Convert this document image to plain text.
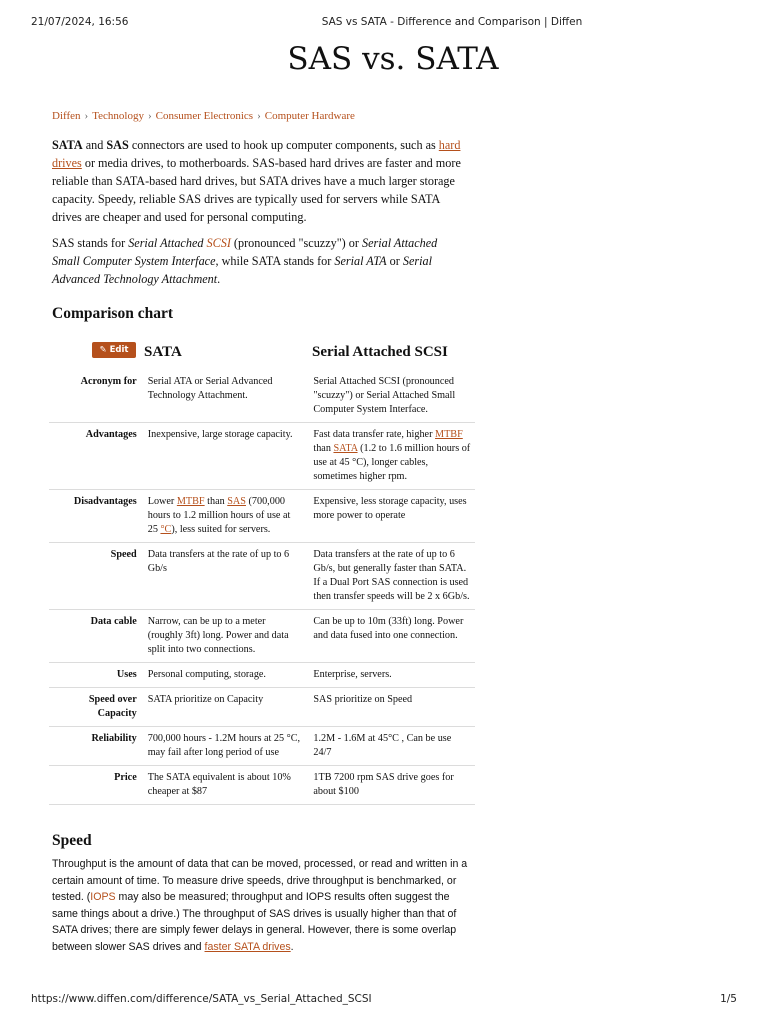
21/07/2024, 16:56	SAS vs SATA - Difference and Comparison | Diffen
SAS vs. SATA
Diffen › Technology › Consumer Electronics › Computer Hardware

SATA and SAS connectors are used to hook up computer components, such as hard drives or media drives, to motherboards. SAS-based hard drives are faster and more reliable than SATA-based hard drives, but SATA drives have a much larger storage capacity. Speedy, reliable SAS drives are typically used for servers while SATA drives are cheaper and used for personal computing.

SAS stands for Serial Attached SCSI (pronounced "scuzzy") or Serial Attached Small Computer System Interface, while SATA stands for Serial ATA or Serial Advanced Technology Attachment.

Comparison chart
✎ Edit	SATA	Serial Attached SCSI
Acronym for	Serial ATA or Serial Advanced Technology Attachment.	Serial Attached SCSI (pronounced "scuzzy") or Serial Attached Small Computer System Interface.
Advantages	Inexpensive, large storage capacity.	Fast data transfer rate, higher MTBF than SATA (1.2 to 1.6 million hours of use at 45 °C), longer cables, sometimes higher rpm.
Disadvantages	Lower MTBF than SAS (700,000 hours to 1.2 million hours of use at 25 °C), less suited for servers.	Expensive, less storage capacity, uses more power to operate
Speed	Data transfers at the rate of up to 6 Gb/s	Data transfers at the rate of up to 6 Gb/s, but generally faster than SATA. If a Dual Port SAS connection is used then transfer speeds will be 2 x 6Gb/s.
Data cable	Narrow, can be up to a meter (roughly 3ft) long. Power and data split into two connections.	Can be up to 10m (33ft) long. Power and data fused into one connection.
Uses	Personal computing, storage.	Enterprise, servers.
Speed over Capacity	SATA prioritize on Capacity	SAS prioritize on Speed
Reliability	700,000 hours - 1.2M hours at 25 °C, may fail after long period of use	1.2M - 1.6M at 45°C , Can be use 24/7
Price	The SATA equivalent is about 10% cheaper at $87	1TB 7200 rpm SAS drive goes for about $100
Speed

Throughput is the amount of data that can be moved, processed, or read and written in a certain amount of time. To measure drive speeds, drive throughput is benchmarked, or tested. (IOPS may also be measured; throughput and IOPS results often suggest the same things about a drive.) The throughput of SAS drives is usually higher than that of SATA drives; there are simply fewer delays in general. However, there is some overlap between slower SAS drives and faster SATA drives.

https://www.diffen.com/difference/SATA_vs_Serial_Attached_SCSI	1/5
